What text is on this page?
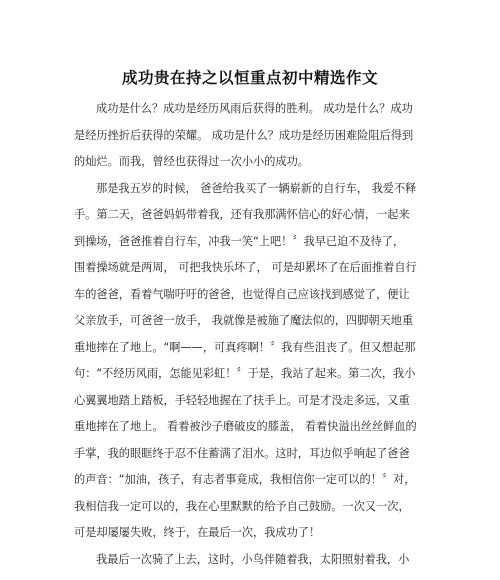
成功贵在持之以恒重点初中精选作文
成功是什么？成功是经历风雨后获得的胜利。 成功是什么？成功
是经历挫折后获得的荣耀。 成功是什么？成功是经历困难险阻后得到
的灿烂。而我，曾经也获得过一次小小的成功。
那是我五岁的时候， 爸爸给我买了一辆崭新的自行车， 我爱不释
手。第二天，爸爸妈妈带着我，还有我那满怀信心的好心情，一起来
到操场，爸爸推着自行车，冲我一笑“上吧！〞我早已迫不及待了，
围着操场就是两周， 可把我快乐坏了， 可是却累坏了在后面推着自行
车的爸爸，看着气喘吁吁的爸爸，也觉得自己应该找到感觉了，便让
父亲放手，可爸爸一放手， 我就像是被施了魔法似的，四脚朝天地重
重地摔在了地上。“啊——，可真疼啊！〞我有些沮丧了。但又想起那
句：“不经历风雨，怎能见彩虹！〞于是，我站了起来。第二次，我小
心翼翼地踏上踏板，手轻轻地握在了扶手上。可是才没走多远，又重
重地摔在了地上。 看着被沙子磨破皮的膝盖， 看着快溢出丝丝鲜血的
手掌，我的眼眶终于忍不住蓄满了泪水。这时，耳边似乎响起了爸爸
的声音：“加油，孩子，有志者事竟成，我相信你一定可以的！〞对，
我相信我一定可以的，我在心里默默的给予自己鼓励。一次又一次，
可是却屡屡失败，终于，在最后一次，我成功了！
我最后一次骑了上去，这时，小鸟伴随着我，太阳照射着我，小
